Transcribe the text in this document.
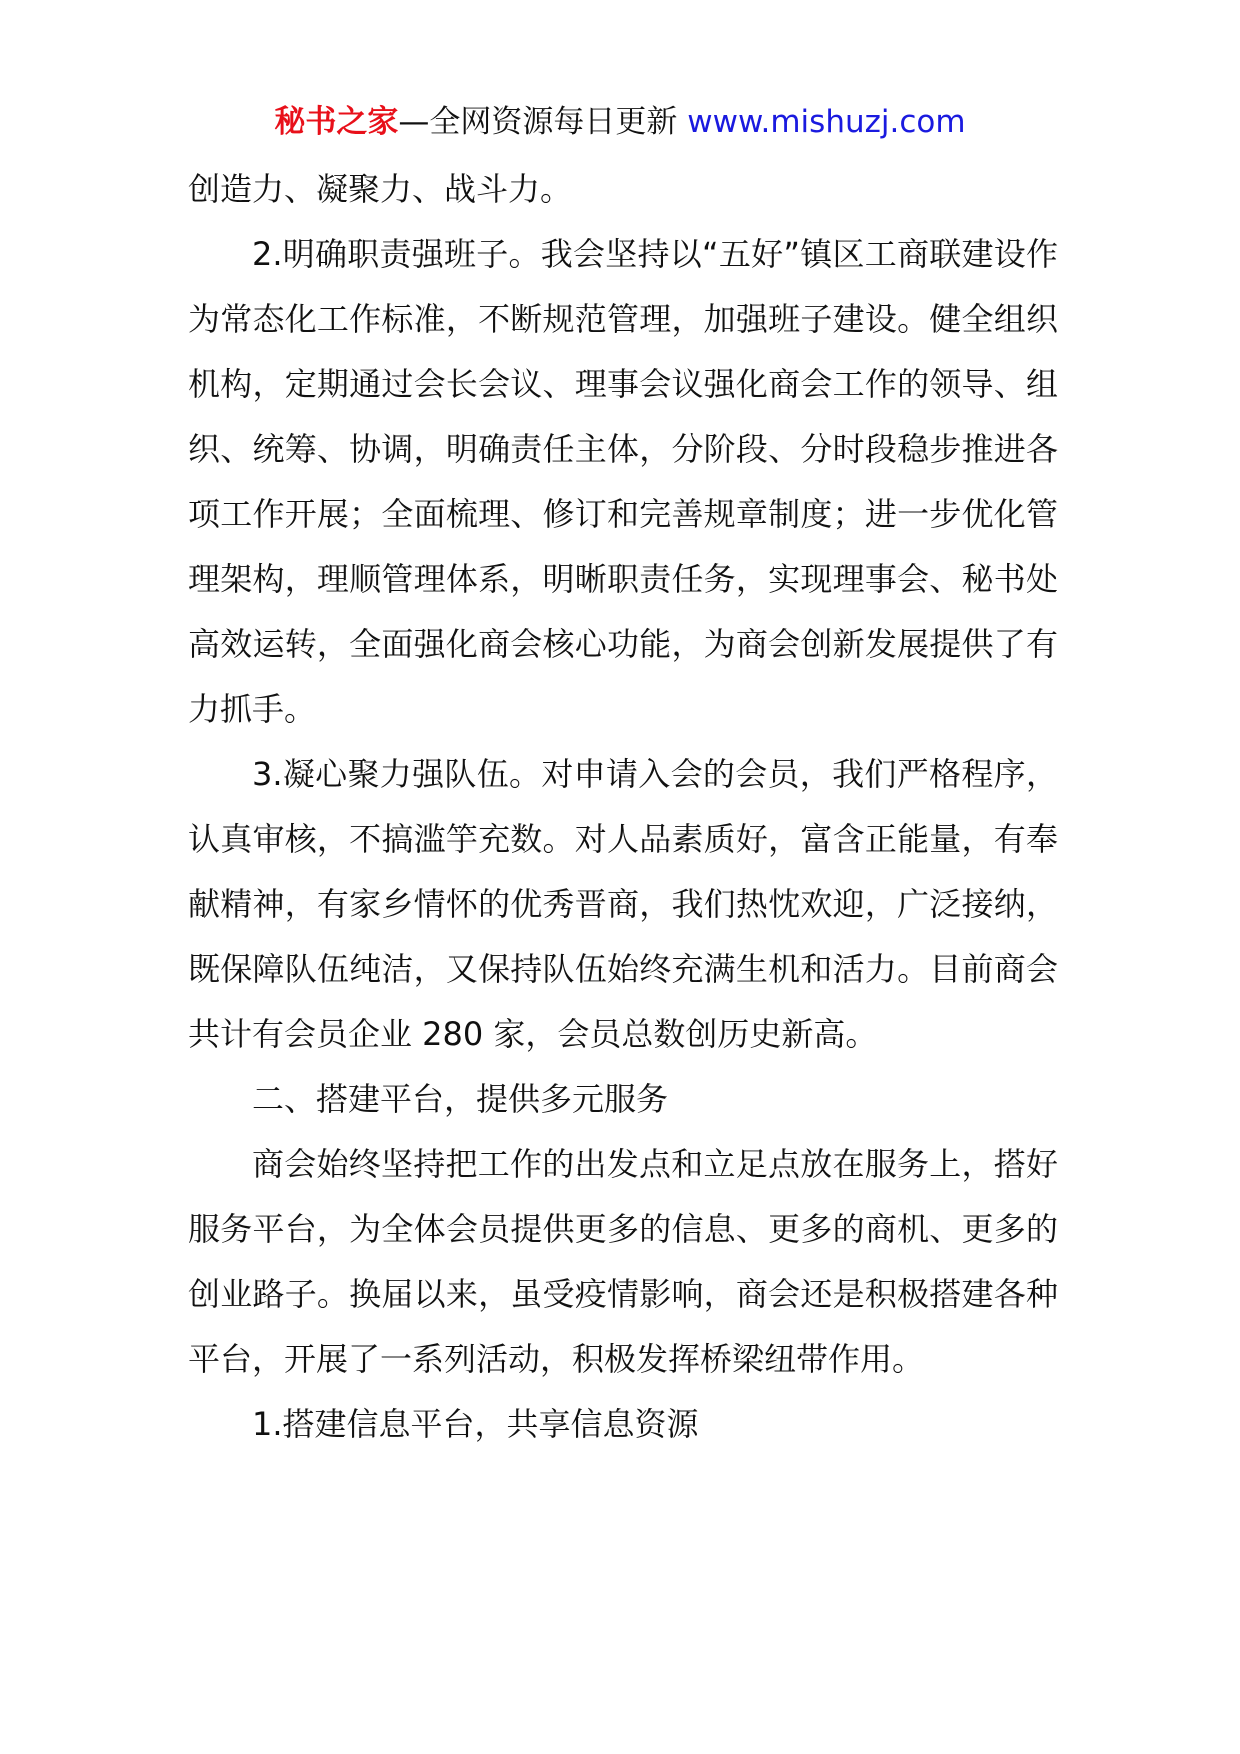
秘书之家—全网资源每日更新 www.mishuzj.com

创造力、凝聚力、战斗力。

2.明确职责强班子。我会坚持以“五好”镇区工商联建设作为常态化工作标准，不断规范管理，加强班子建设。健全组织机构，定期通过会长会议、理事会议强化商会工作的领导、组织、统筹、协调，明确责任主体，分阶段、分时段稳步推进各项工作开展；全面梳理、修订和完善规章制度；进一步优化管理架构，理顺管理体系，明晰职责任务，实现理事会、秘书处高效运转，全面强化商会核心功能，为商会创新发展提供了有力抓手。

3.凝心聚力强队伍。对申请入会的会员，我们严格程序，认真审核，不搞滥竽充数。对人品素质好，富含正能量，有奉献精神，有家乡情怀的优秀晋商，我们热忱欢迎，广泛接纳，既保障队伍纯洁，又保持队伍始终充满生机和活力。目前商会共计有会员企业 280 家，会员总数创历史新高。

二、搭建平台，提供多元服务

商会始终坚持把工作的出发点和立足点放在服务上，搭好服务平台，为全体会员提供更多的信息、更多的商机、更多的创业路子。换届以来，虽受疫情影响，商会还是积极搭建各种平台，开展了一系列活动，积极发挥桥梁纽带作用。

1.搭建信息平台，共享信息资源
